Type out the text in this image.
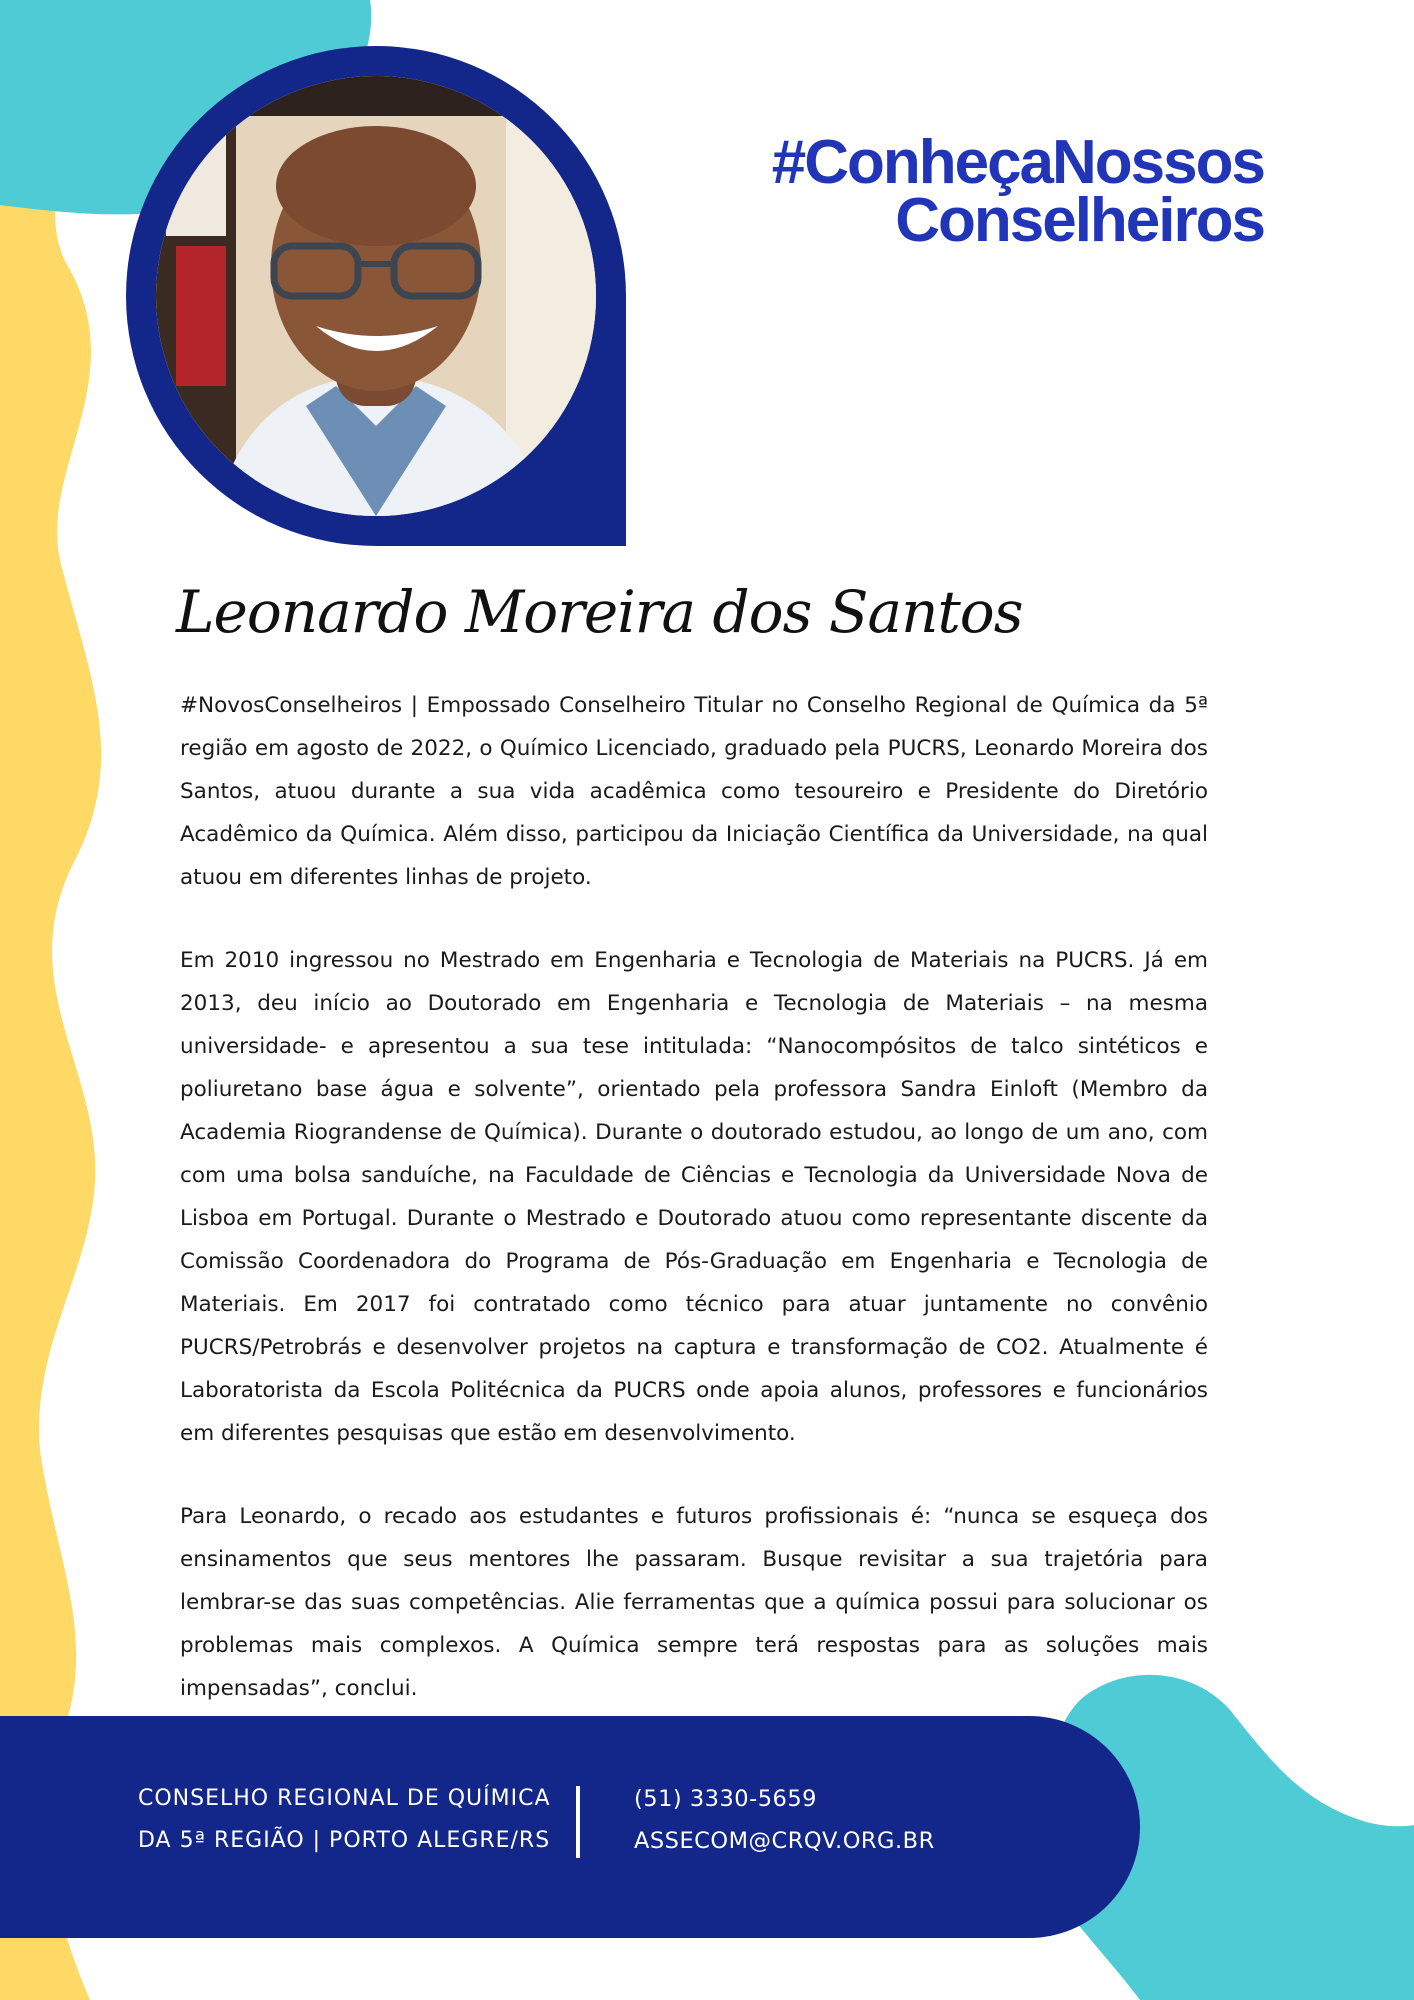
#ConheçaNossos
Conselheiros
Leonardo Moreira dos Santos

#NovosConselheiros | Empossado Conselheiro Titular no Conselho Regional de Química da 5ª região em agosto de 2022, o Químico Licenciado, graduado pela PUCRS, Leonardo Moreira dos Santos, atuou durante a sua vida acadêmica como tesoureiro e Presidente do Diretório Acadêmico da Química. Além disso, participou da Iniciação Científica da Universidade, na qual atuou em diferentes linhas de projeto.

Em 2010 ingressou no Mestrado em Engenharia e Tecnologia de Materiais na PUCRS. Já em 2013, deu início ao Doutorado em Engenharia e Tecnologia de Materiais – na mesma universidade- e apresentou a sua tese intitulada: “Nanocompósitos de talco sintéticos e poliuretano base água e solvente”, orientado pela professora Sandra Einloft (Membro da Academia Riograndense de Química). Durante o doutorado estudou, ao longo de um ano, com com uma bolsa sanduíche, na Faculdade de Ciências e Tecnologia da Universidade Nova de Lisboa em Portugal. Durante o Mestrado e Doutorado atuou como representante discente da Comissão Coordenadora do Programa de Pós-Graduação em Engenharia e Tecnologia de Materiais. Em 2017 foi contratado como técnico para atuar juntamente no convênio PUCRS/Petrobrás e desenvolver projetos na captura e transformação de CO2. Atualmente é Laboratorista da Escola Politécnica da PUCRS onde apoia alunos, professores e funcionários em diferentes pesquisas que estão em desenvolvimento.

Para Leonardo, o recado aos estudantes e futuros profissionais é: “nunca se esqueça dos ensinamentos que seus mentores lhe passaram. Busque revisitar a sua trajetória para lembrar-se das suas competências. Alie ferramentas que a química possui para solucionar os problemas mais complexos. A Química sempre terá respostas para as soluções mais impensadas”, conclui.

CONSELHO REGIONAL DE QUÍMICA
DA 5ª REGIÃO | PORTO ALEGRE/RS
(51) 3330-5659
ASSECOM@CRQV.ORG.BR
